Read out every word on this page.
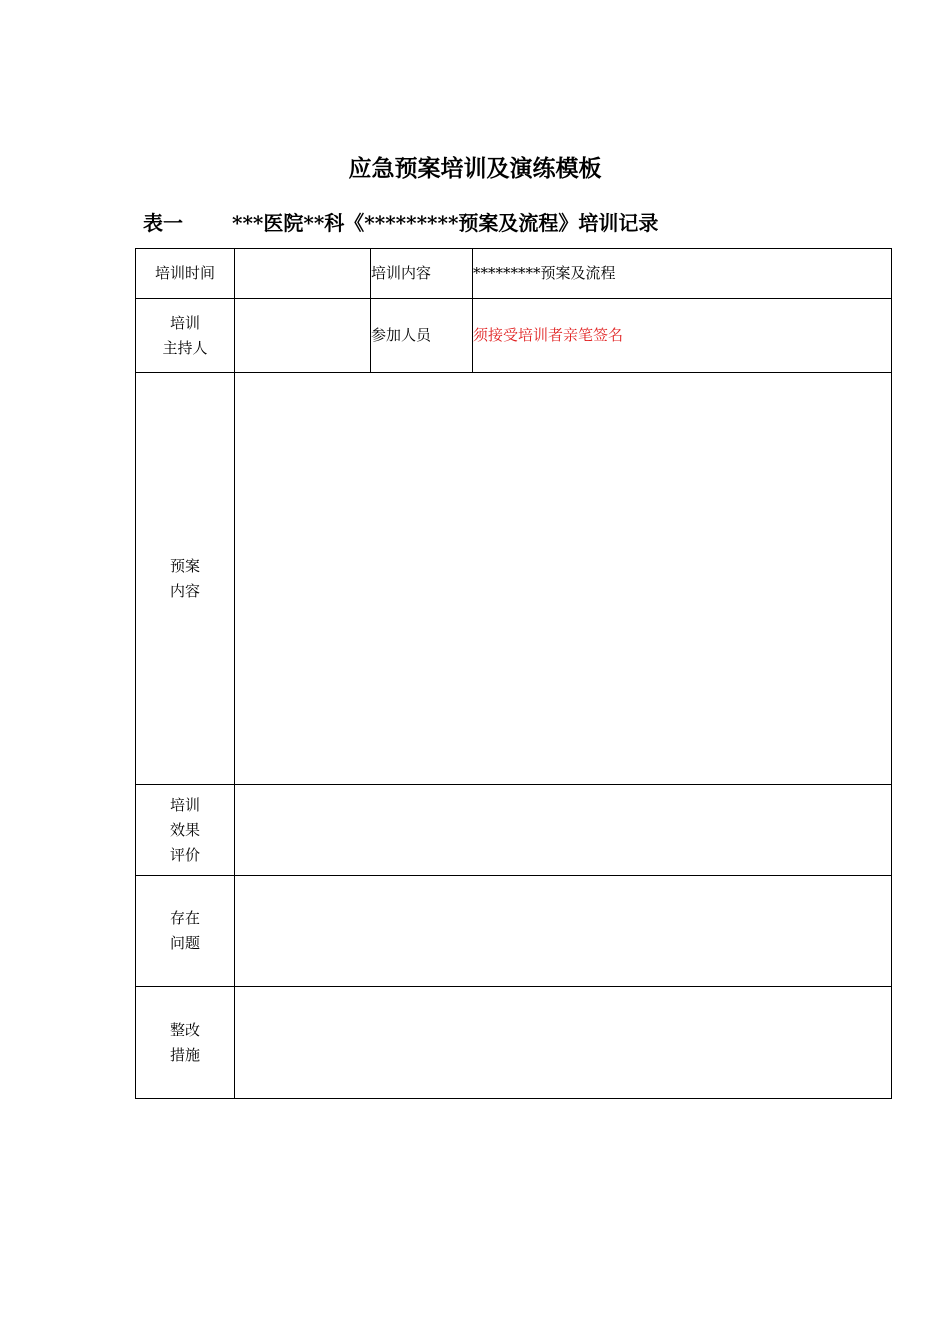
应急预案培训及演练模板
表一 ***医院**科《*********预案及流程》培训记录
培训时间		培训内容	*********预案及流程

培训
主持人		参加人员	须接受培训者亲笔签名

预案
内容			

培训
效果
评价			

存在
问题			

整改
措施			
